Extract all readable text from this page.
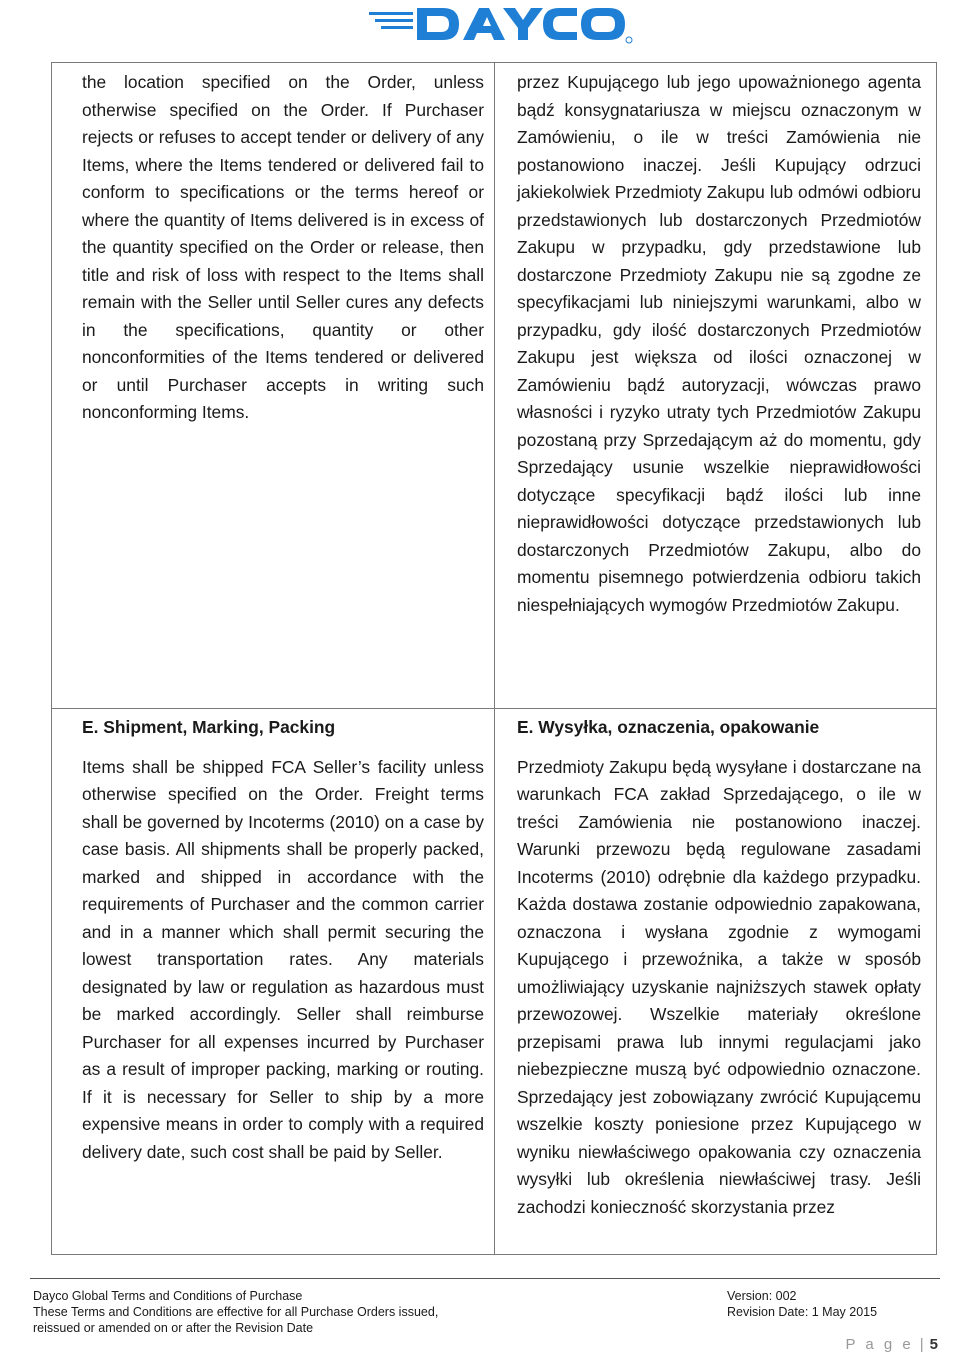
the location specified on the Order, unless otherwise specified on the Order. If Purchaser rejects or refuses to accept tender or delivery of any Items, where the Items tendered or delivered fail to conform to specifications or the terms hereof or where the quantity of Items delivered is in excess of the quantity specified on the Order or release, then title and risk of loss with respect to the Items shall remain with the Seller until Seller cures any defects in the specifications, quantity or other nonconformities of the Items tendered or delivered or until Purchaser accepts in writing such nonconforming Items.

przez Kupującego lub jego upoważnionego agenta bądź konsygnatariusza w miejscu oznaczonym w Zamówieniu, o ile w treści Zamówienia nie postanowiono inaczej. Jeśli Kupujący odrzuci jakiekolwiek Przedmioty Zakupu lub odmówi odbioru przedstawionych lub dostarczonych Przedmiotów Zakupu w przypadku, gdy przedstawione lub dostarczone Przedmioty Zakupu nie są zgodne ze specyfikacjami lub niniejszymi warunkami, albo w przypadku, gdy ilość dostarczonych Przedmiotów Zakupu jest większa od ilości oznaczonej w Zamówieniu bądź autoryzacji, wówczas prawo własności i ryzyko utraty tych Przedmiotów Zakupu pozostaną przy Sprzedającym aż do momentu, gdy Sprzedający usunie wszelkie nieprawidłowości dotyczące specyfikacji bądź ilości lub inne nieprawidłowości dotyczące przedstawionych lub dostarczonych Przedmiotów Zakupu, albo do momentu pisemnego potwierdzenia odbioru takich niespełniających wymogów Przedmiotów Zakupu.

E. Shipment, Marking, Packing

Items shall be shipped FCA Seller’s facility unless otherwise specified on the Order. Freight terms shall be governed by Incoterms (2010) on a case by case basis. All shipments shall be properly packed, marked and shipped in accordance with the requirements of Purchaser and the common carrier and in a manner which shall permit securing the lowest transportation rates. Any materials designated by law or regulation as hazardous must be marked accordingly. Seller shall reimburse Purchaser for all expenses incurred by Purchaser as a result of improper packing, marking or routing. If it is necessary for Seller to ship by a more expensive means in order to comply with a required delivery date, such cost shall be paid by Seller.

E. Wysyłka, oznaczenia, opakowanie

Przedmioty Zakupu będą wysyłane i dostarczane na warunkach FCA zakład Sprzedającego, o ile w treści Zamówienia nie postanowiono inaczej. Warunki przewozu będą regulowane zasadami Incoterms (2010) odrębnie dla każdego przypadku. Każda dostawa zostanie odpowiednio zapakowana, oznaczona i wysłana zgodnie z wymogami Kupującego i przewoźnika, a także w sposób umożliwiający uzyskanie najniższych stawek opłaty przewozowej. Wszelkie materiały określone przepisami prawa lub innymi regulacjami jako niebezpieczne muszą być odpowiednio oznaczone. Sprzedający jest zobowiązany zwrócić Kupującemu wszelkie koszty poniesione przez Kupującego w wyniku niewłaściwego opakowania czy oznaczenia wysyłki lub określenia niewłaściwej trasy. Jeśli zachodzi konieczność skorzystania przez

Dayco Global Terms and Conditions of Purchase
These Terms and Conditions are effective for all Purchase Orders issued,
reissued or amended on or after the Revision Date
Version: 002
Revision Date: 1 May 2015
P a g e | 5
